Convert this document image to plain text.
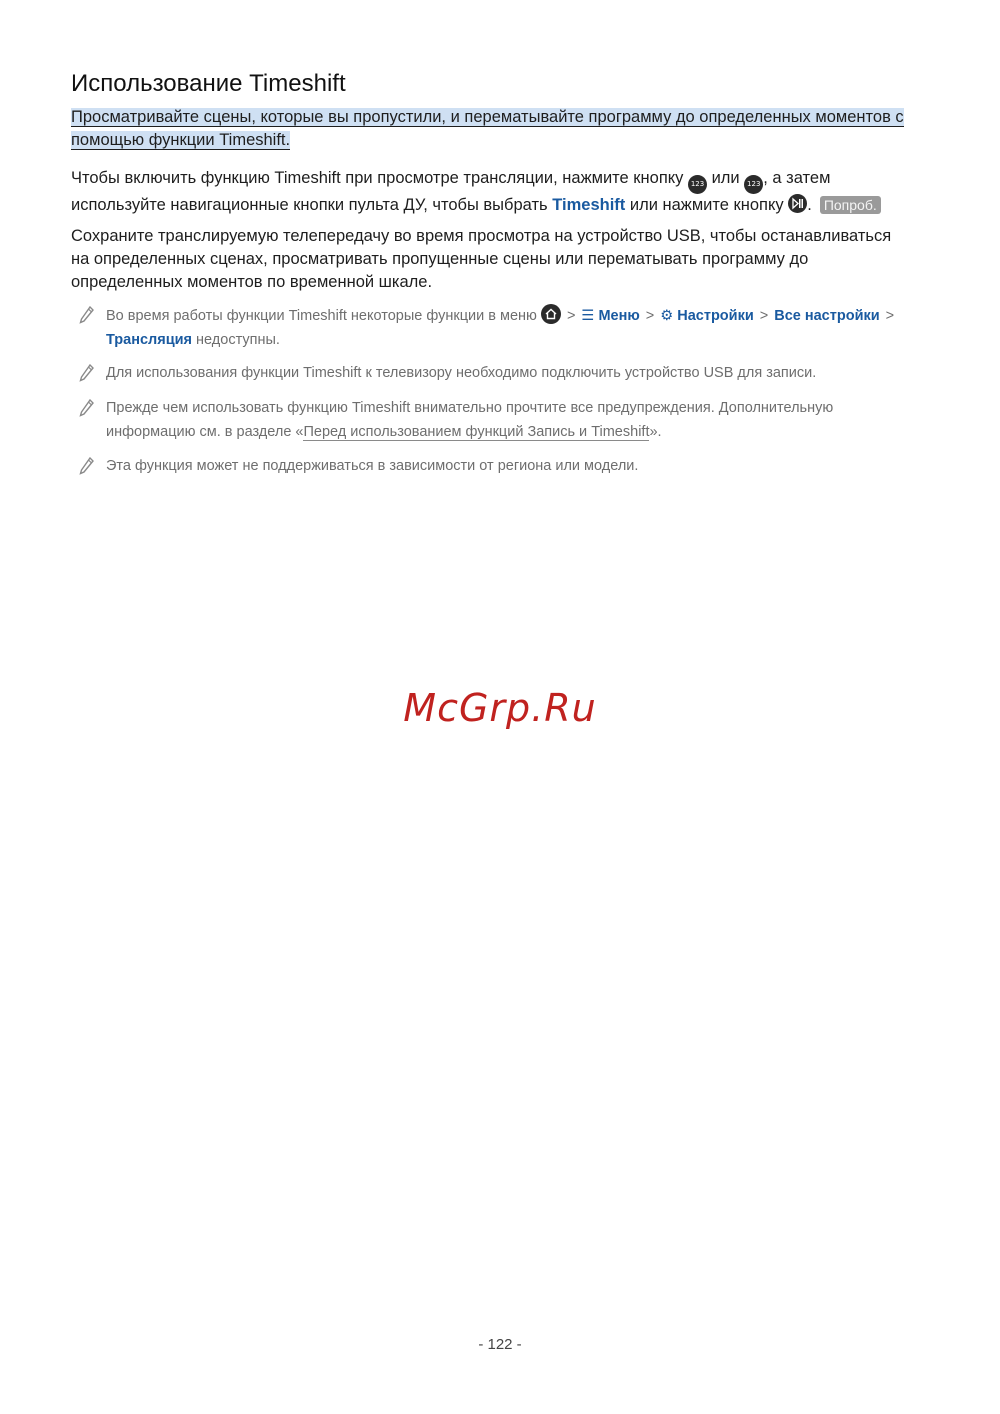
Использование Timeshift
Просматривайте сцены, которые вы пропустили, и перематывайте программу до определенных моментов с помощью функции Timeshift.
Чтобы включить функцию Timeshift при просмотре трансляции, нажмите кнопку 123 или 123 , а затем используйте навигационные кнопки пульта ДУ, чтобы выбрать Timeshift или нажмите кнопку . Попроб.
Сохраните транслируемую телепередачу во время просмотра на устройство USB, чтобы останавливаться на определенных сценах, просматривать пропущенные сцены или перематывать программу до определенных моментов по временной шкале.
Во время работы функции Timeshift некоторые функции в меню > ☰ Меню > ⚙ Настройки > Все настройки >
Трансляция недоступны.
Для использования функции Timeshift к телевизору необходимо подключить устройство USB для записи.
Прежде чем использовать функцию Timeshift внимательно прочтите все предупреждения. Дополнительную информацию см. в разделе «Перед использованием функций Запись и Timeshift».
Эта функция может не поддерживаться в зависимости от региона или модели.
McGrp.Ru
- 122 -
